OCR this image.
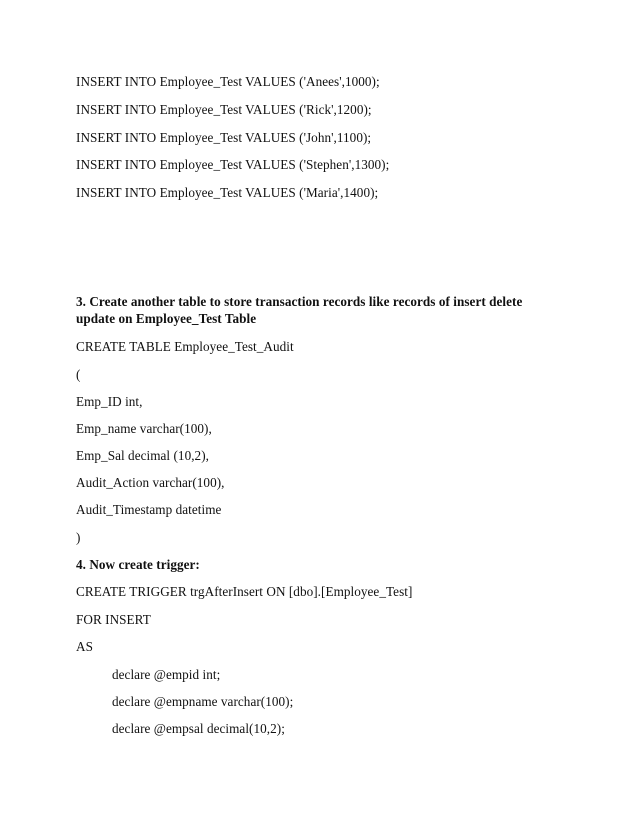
INSERT INTO Employee_Test VALUES ('Anees',1000);
INSERT INTO Employee_Test VALUES ('Rick',1200);
INSERT INTO Employee_Test VALUES ('John',1100);
INSERT INTO Employee_Test VALUES ('Stephen',1300);
INSERT INTO Employee_Test VALUES ('Maria',1400);
3. Create another table to store transaction records like records of insert delete
update on Employee_Test Table
CREATE TABLE Employee_Test_Audit
(
Emp_ID int,
Emp_name varchar(100),
Emp_Sal decimal (10,2),
Audit_Action varchar(100),
Audit_Timestamp datetime
)
4. Now create trigger:
CREATE TRIGGER trgAfterInsert ON [dbo].[Employee_Test]
FOR INSERT
AS
declare @empid int;
declare @empname varchar(100);
declare @empsal decimal(10,2);
